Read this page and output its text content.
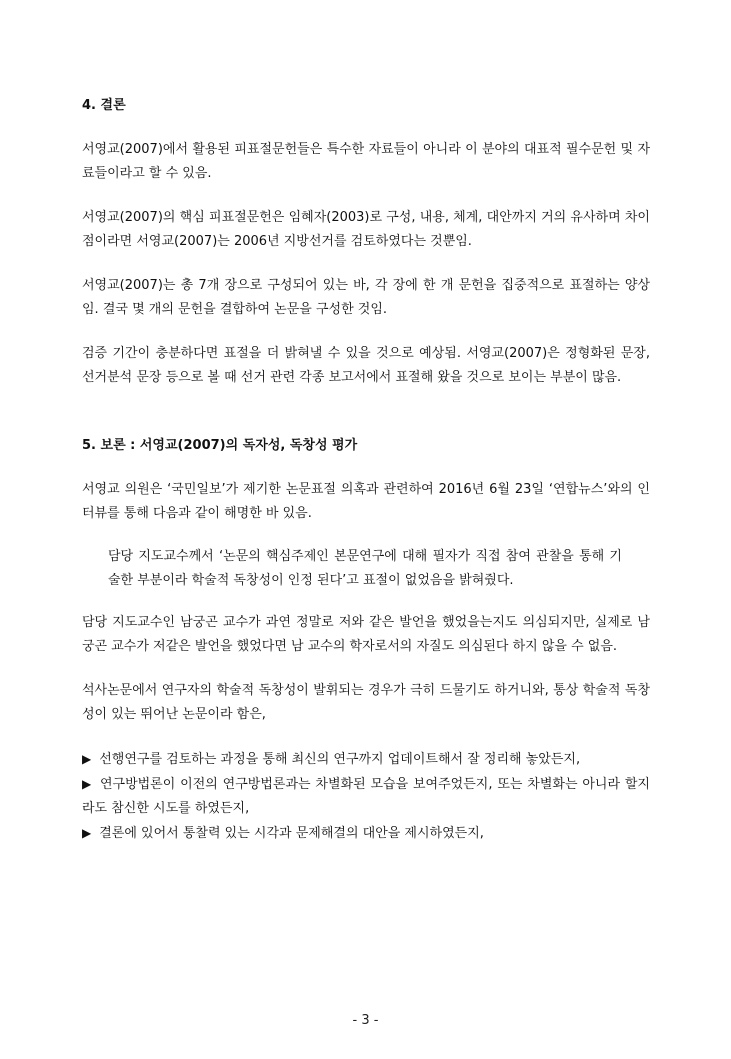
4. 결론

서영교(2007)에서 활용된 피표절문헌들은 특수한 자료들이 아니라 이 분야의 대표적 필수문헌 및 자료들이라고 할 수 있음.

서영교(2007)의 핵심 피표절문헌은 임혜자(2003)로 구성, 내용, 체계, 대안까지 거의 유사하며 차이점이라면 서영교(2007)는 2006년 지방선거를 검토하였다는 것뿐임.

서영교(2007)는 총 7개 장으로 구성되어 있는 바, 각 장에 한 개 문헌을 집중적으로 표절하는 양상임. 결국 몇 개의 문헌을 결합하여 논문을 구성한 것임.

검증 기간이 충분하다면 표절을 더 밝혀낼 수 있을 것으로 예상됨. 서영교(2007)은 정형화된 문장, 선거분석 문장 등으로 볼 때 선거 관련 각종 보고서에서 표절해 왔을 것으로 보이는 부분이 많음.

5. 보론 : 서영교(2007)의 독자성, 독창성 평가

서영교 의원은 ‘국민일보’가 제기한 논문표절 의혹과 관련하여 2016년 6월 23일 ‘연합뉴스’와의 인터뷰를 통해 다음과 같이 해명한 바 있음.

담당 지도교수께서 ‘논문의 핵심주제인 본문연구에 대해 필자가 직접 참여 관찰을 통해 기술한 부분이라 학술적 독창성이 인정 된다’고 표절이 없었음을 밝혀줬다.

담당 지도교수인 남궁곤 교수가 과연 정말로 저와 같은 발언을 했었을는지도 의심되지만, 실제로 남궁곤 교수가 저같은 발언을 했었다면 남 교수의 학자로서의 자질도 의심된다 하지 않을 수 없음.

석사논문에서 연구자의 학술적 독창성이 발휘되는 경우가 극히 드물기도 하거니와, 통상 학술적 독창성이 있는 뛰어난 논문이라 함은,

▶ 선행연구를 검토하는 과정을 통해 최신의 연구까지 업데이트해서 잘 정리해 놓았든지,

▶ 연구방법론이 이전의 연구방법론과는 차별화된 모습을 보여주었든지, 또는 차별화는 아니라 할지라도 참신한 시도를 하였든지,

▶ 결론에 있어서 통찰력 있는 시각과 문제해결의 대안을 제시하였든지,

- 3 -
